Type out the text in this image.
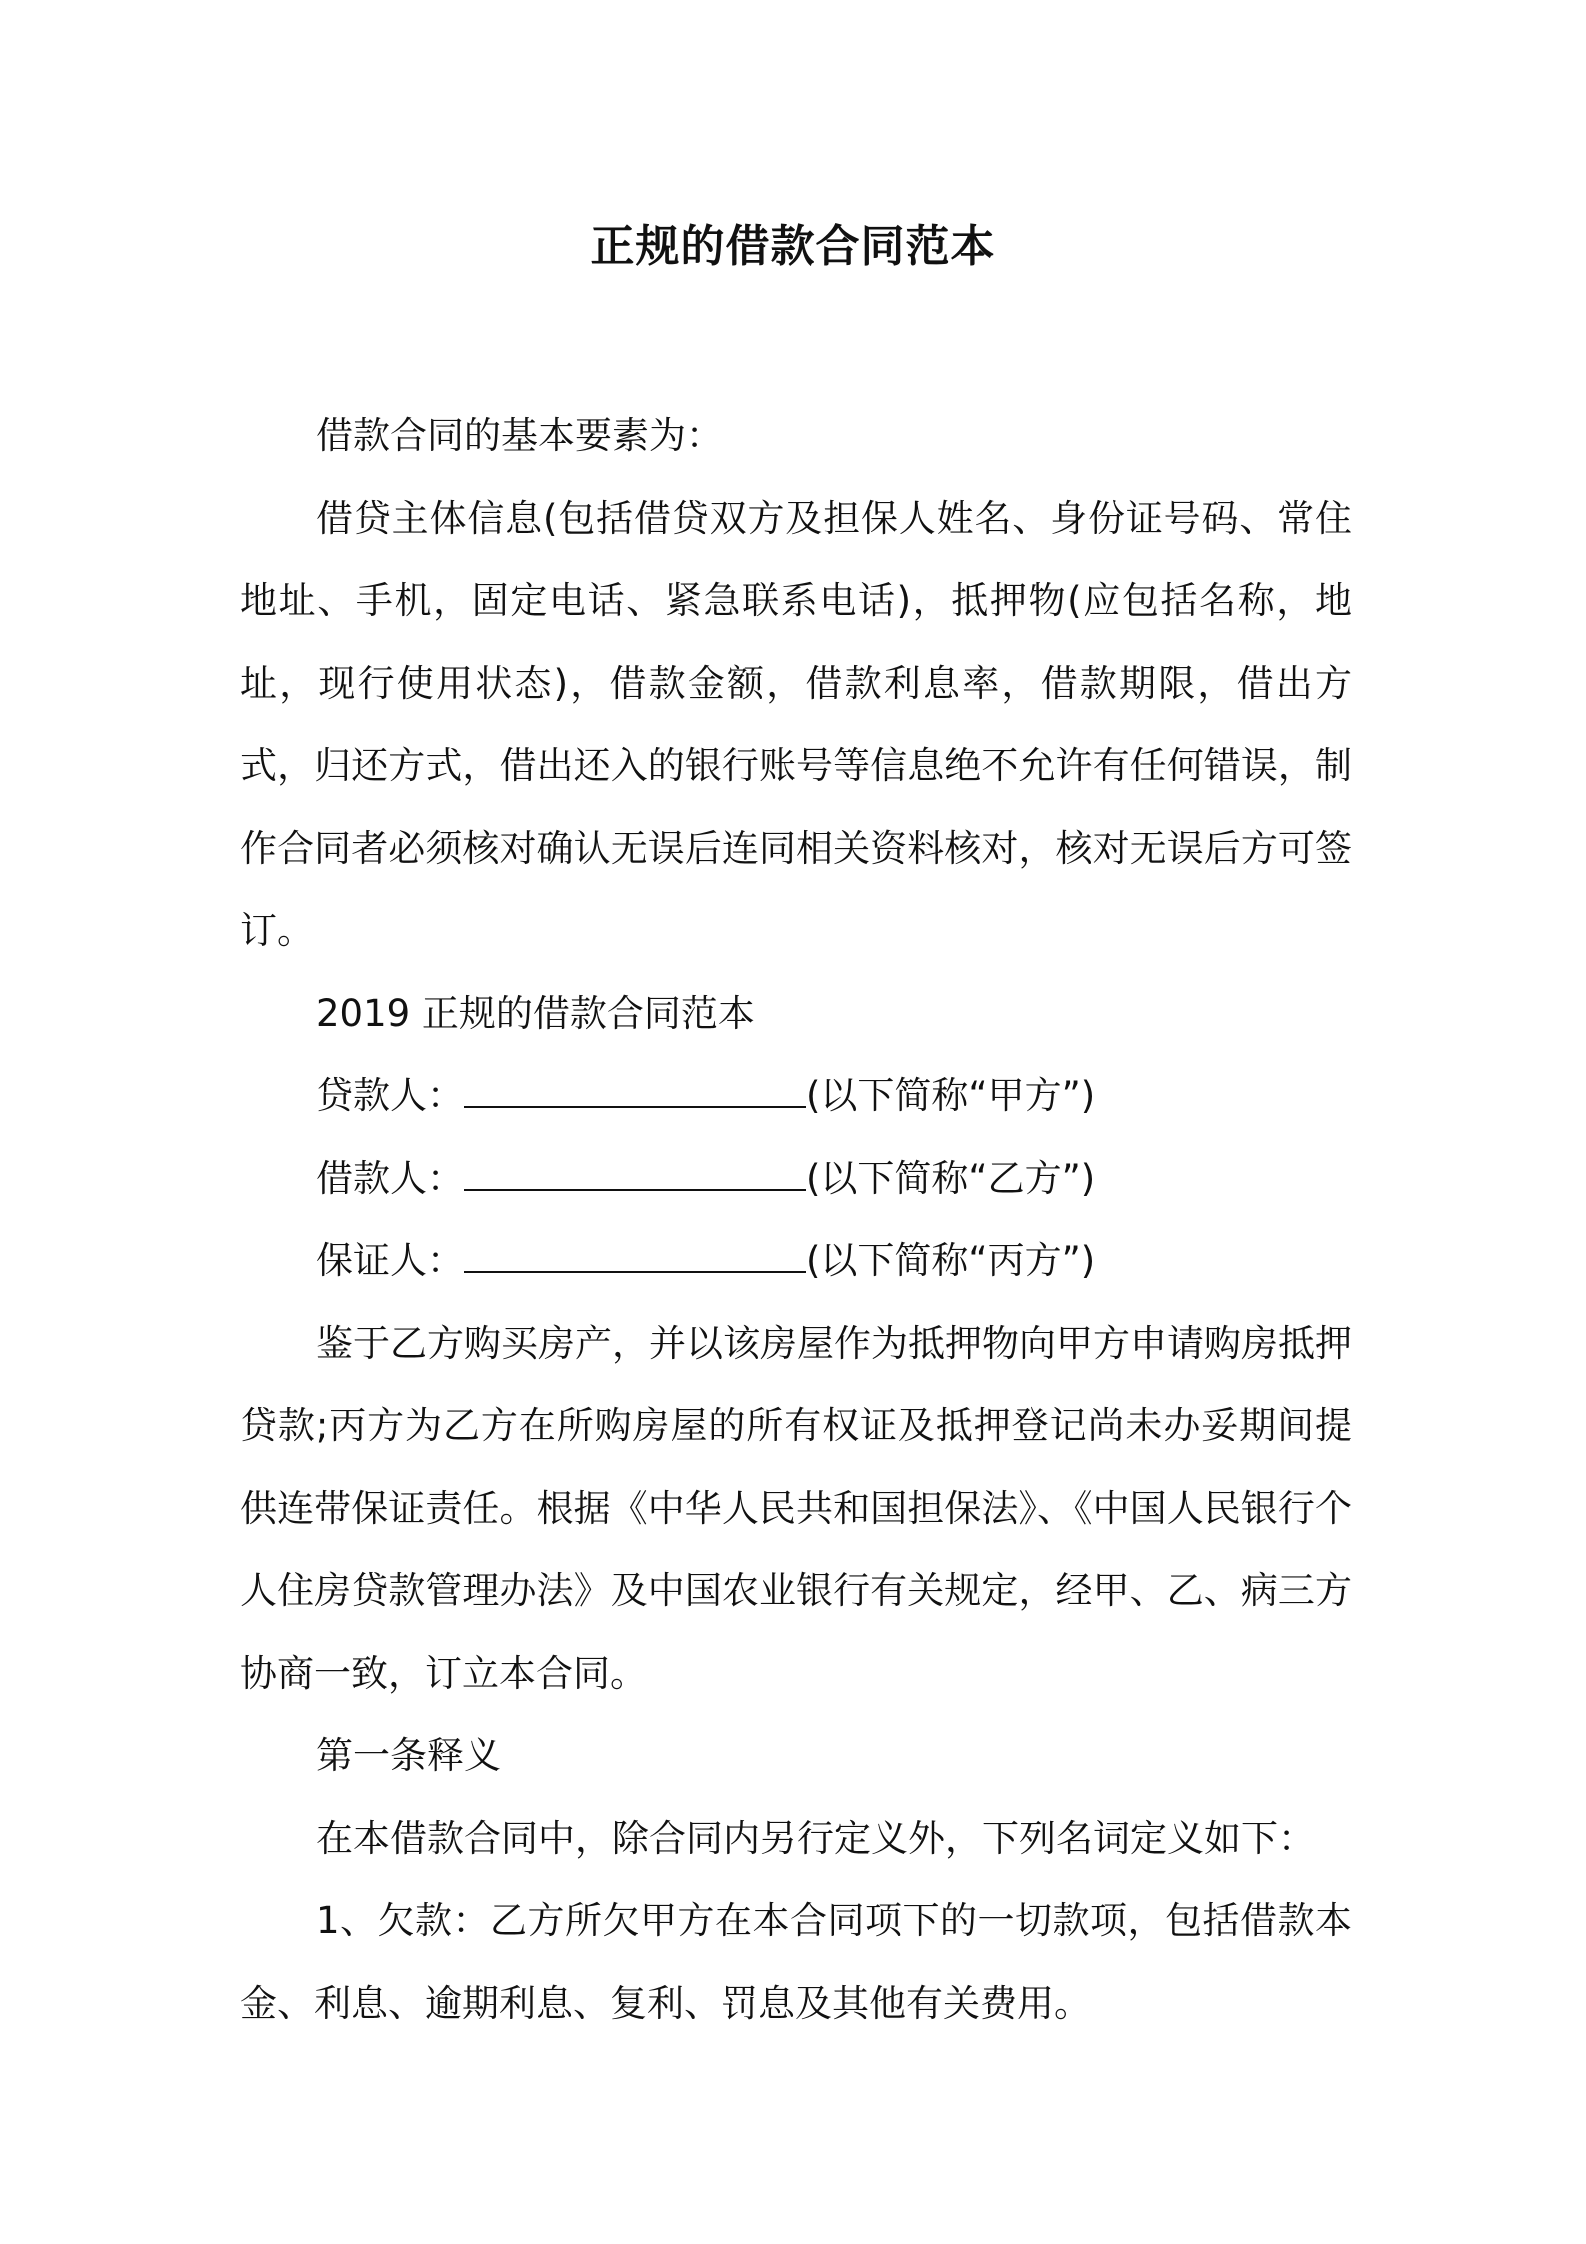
正规的借款合同范本

借款合同的基本要素为：

借贷主体信息(包括借贷双方及担保人姓名、身份证号码、常住地址、手机，固定电话、紧急联系电话)，抵押物(应包括名称，地址，现行使用状态)，借款金额，借款利息率，借款期限，借出方式，归还方式，借出还入的银行账号等信息绝不允许有任何错误，制作合同者必须核对确认无误后连同相关资料核对，核对无误后方可签订。

2019 正规的借款合同范本

贷款人：	(以下简称“甲方”)

借款人：	(以下简称“乙方”)

保证人：	(以下简称“丙方”)

鉴于乙方购买房产，并以该房屋作为抵押物向甲方申请购房抵押贷款;丙方为乙方在所购房屋的所有权证及抵押登记尚未办妥期间提供连带保证责任。根据《中华人民共和国担保法》、《中国人民银行个人住房贷款管理办法》及中国农业银行有关规定，经甲、乙、病三方协商一致，订立本合同。

第一条释义

在本借款合同中，除合同内另行定义外，下列名词定义如下：

1、欠款：乙方所欠甲方在本合同项下的一切款项，包括借款本金、利息、逾期利息、复利、罚息及其他有关费用。
